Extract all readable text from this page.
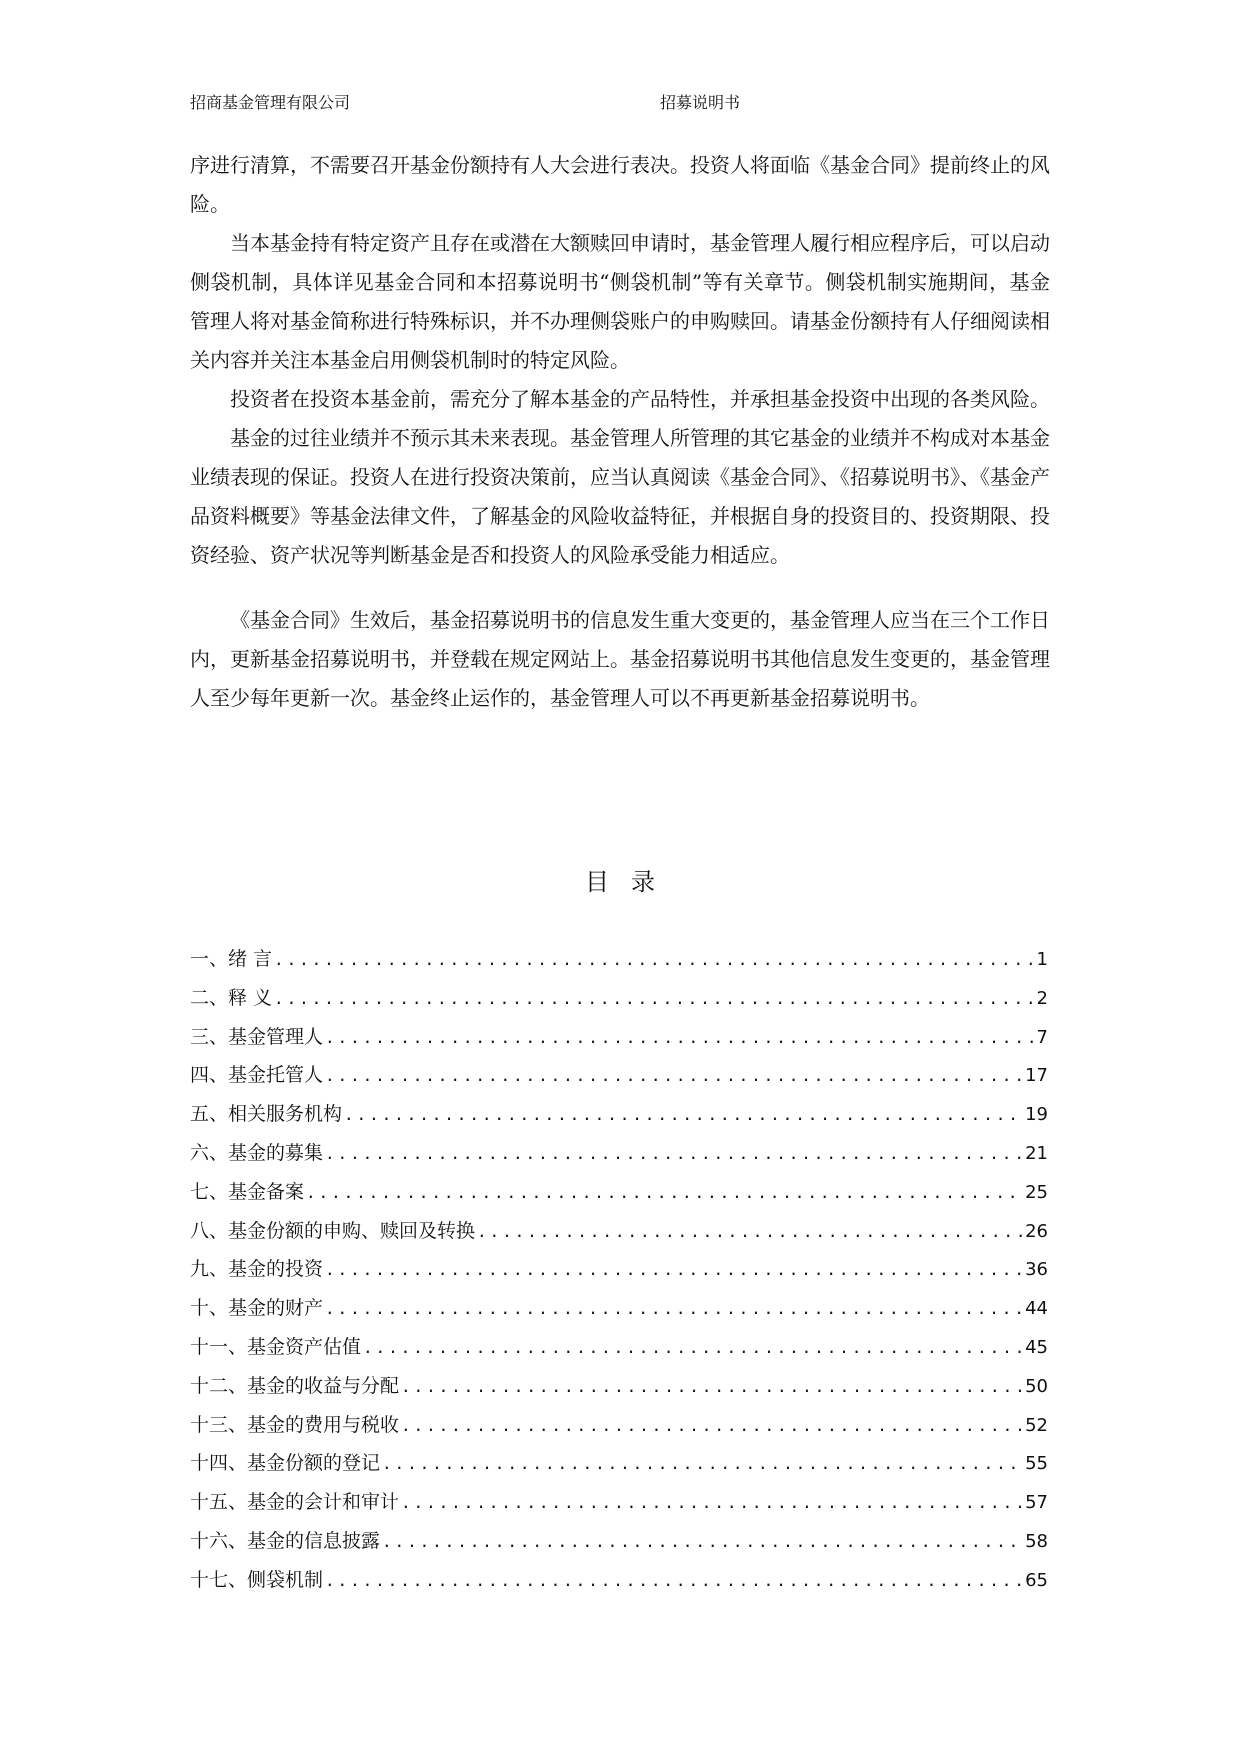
招商基金管理有限公司	招募说明书

序进行清算，不需要召开基金份额持有人大会进行表决。投资人将面临《基金合同》提前终止的风险。

当本基金持有特定资产且存在或潜在大额赎回申请时，基金管理人履行相应程序后，可以启动侧袋机制，具体详见基金合同和本招募说明书“侧袋机制”等有关章节。侧袋机制实施期间，基金管理人将对基金简称进行特殊标识，并不办理侧袋账户的申购赎回。请基金份额持有人仔细阅读相关内容并关注本基金启用侧袋机制时的特定风险。

投资者在投资本基金前，需充分了解本基金的产品特性，并承担基金投资中出现的各类风险。

基金的过往业绩并不预示其未来表现。基金管理人所管理的其它基金的业绩并不构成对本基金业绩表现的保证。投资人在进行投资决策前，应当认真阅读《基金合同》、《招募说明书》、《基金产品资料概要》等基金法律文件，了解基金的风险收益特征，并根据自身的投资目的、投资期限、投资经验、资产状况等判断基金是否和投资人的风险承受能力相适应。

《基金合同》生效后，基金招募说明书的信息发生重大变更的，基金管理人应当在三个工作日内，更新基金招募说明书，并登载在规定网站上。基金招募说明书其他信息发生变更的，基金管理人至少每年更新一次。基金终止运作的，基金管理人可以不再更新基金招募说明书。

目录
一、绪 言 .....	1
二、释 义 .....	2
三、基金管理人 .....	7
四、基金托管人 .....	17
五、相关服务机构 .....	19
六、基金的募集 .....	21
七、基金备案 .....	25
八、基金份额的申购、赎回及转换 .....	26
九、基金的投资 .....	36
十、基金的财产 .....	44
十一、基金资产估值 .....	45
十二、基金的收益与分配 .....	50
十三、基金的费用与税收 .....	52
十四、基金份额的登记 .....	55
十五、基金的会计和审计 .....	57
十六、基金的信息披露 .....	58
十七、侧袋机制 .....	65
